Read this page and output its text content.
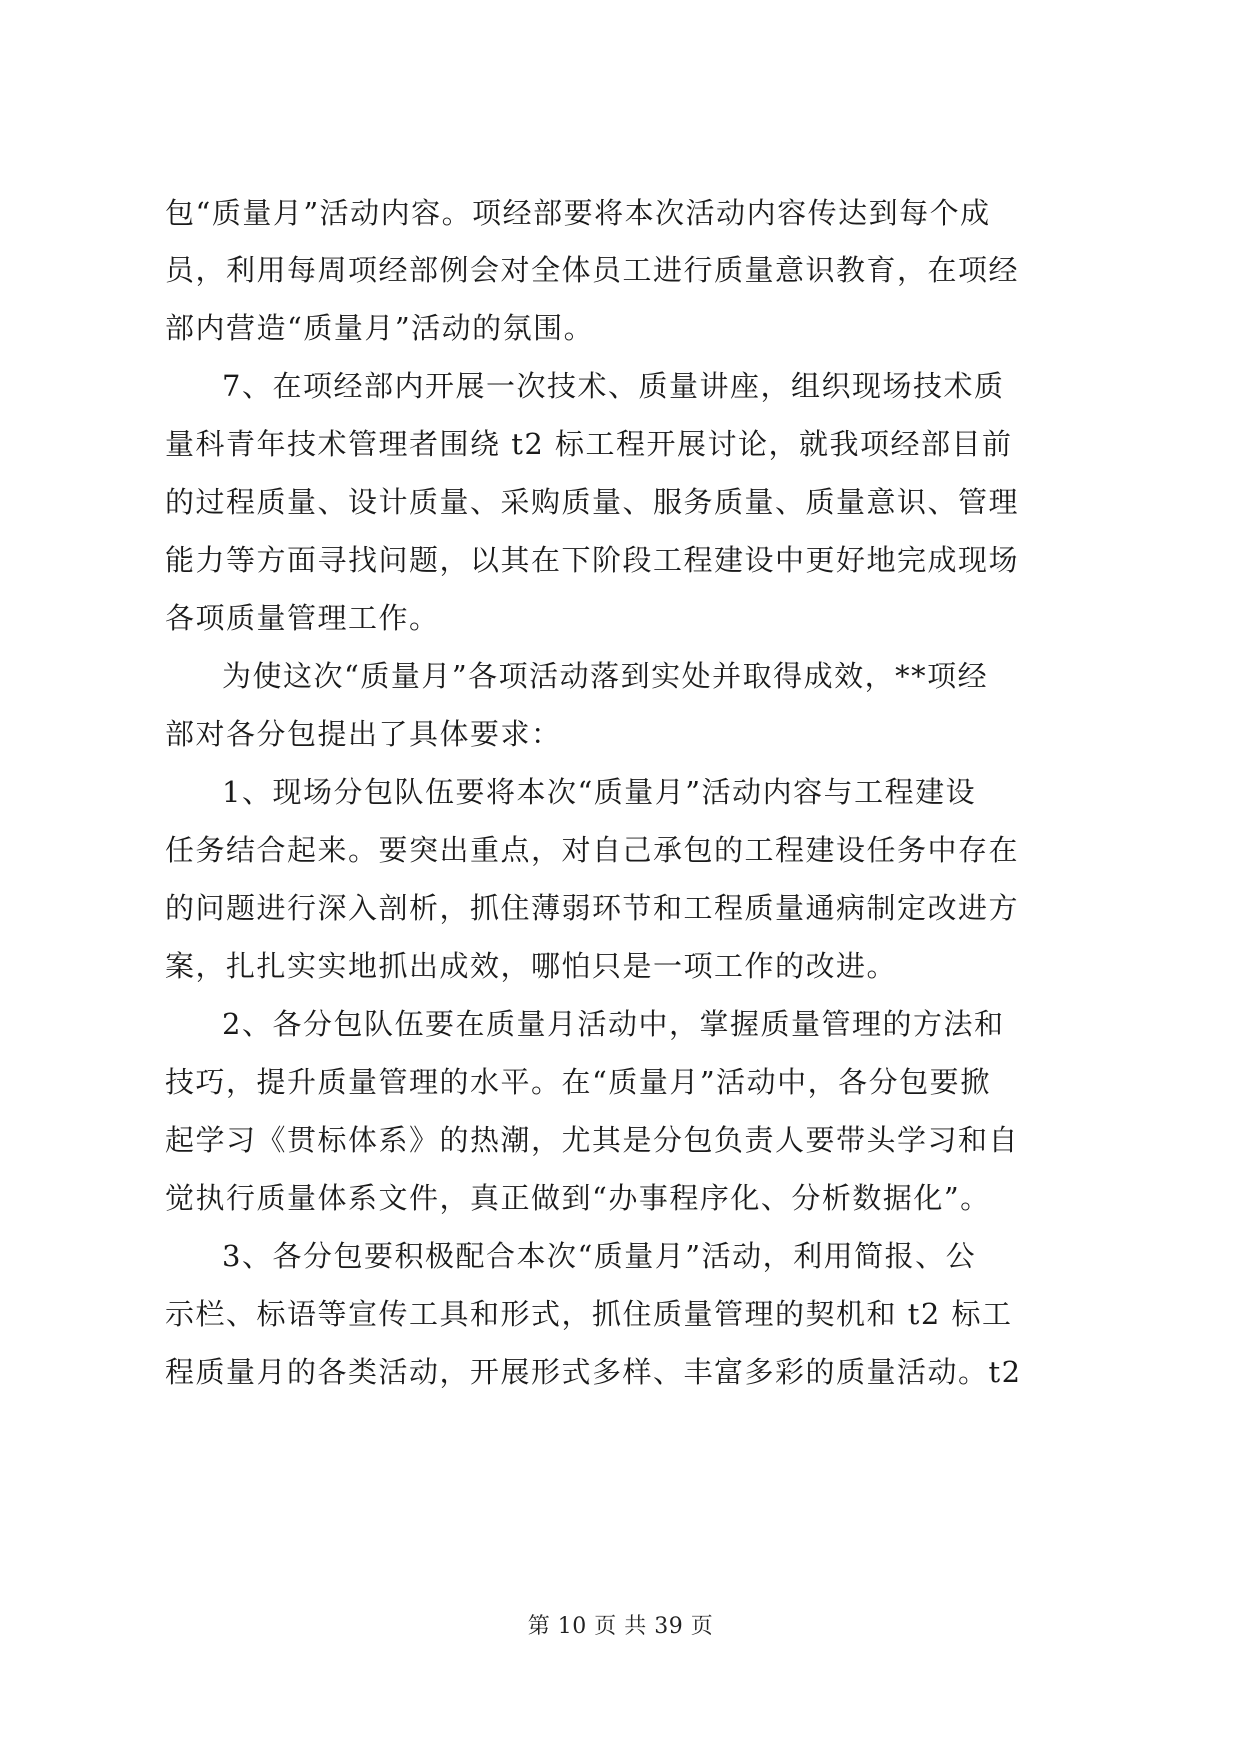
包“质量月”活动内容。项经部要将本次活动内容传达到每个成
员，利用每周项经部例会对全体员工进行质量意识教育，在项经
部内营造“质量月”活动的氛围。
7、在项经部内开展一次技术、质量讲座，组织现场技术质
量科青年技术管理者围绕 t2 标工程开展讨论，就我项经部目前
的过程质量、设计质量、采购质量、服务质量、质量意识、管理
能力等方面寻找问题，以其在下阶段工程建设中更好地完成现场
各项质量管理工作。
为使这次“质量月”各项活动落到实处并取得成效，**项经
部对各分包提出了具体要求：
1、现场分包队伍要将本次“质量月”活动内容与工程建设
任务结合起来。要突出重点，对自己承包的工程建设任务中存在
的问题进行深入剖析，抓住薄弱环节和工程质量通病制定改进方
案，扎扎实实地抓出成效，哪怕只是一项工作的改进。
2、各分包队伍要在质量月活动中，掌握质量管理的方法和
技巧，提升质量管理的水平。在“质量月”活动中，各分包要掀
起学习《贯标体系》的热潮，尤其是分包负责人要带头学习和自
觉执行质量体系文件，真正做到“办事程序化、分析数据化”。
3、各分包要积极配合本次“质量月”活动，利用简报、公
示栏、标语等宣传工具和形式，抓住质量管理的契机和 t2 标工
程质量月的各类活动，开展形式多样、丰富多彩的质量活动。t2
第 10 页 共 39 页
